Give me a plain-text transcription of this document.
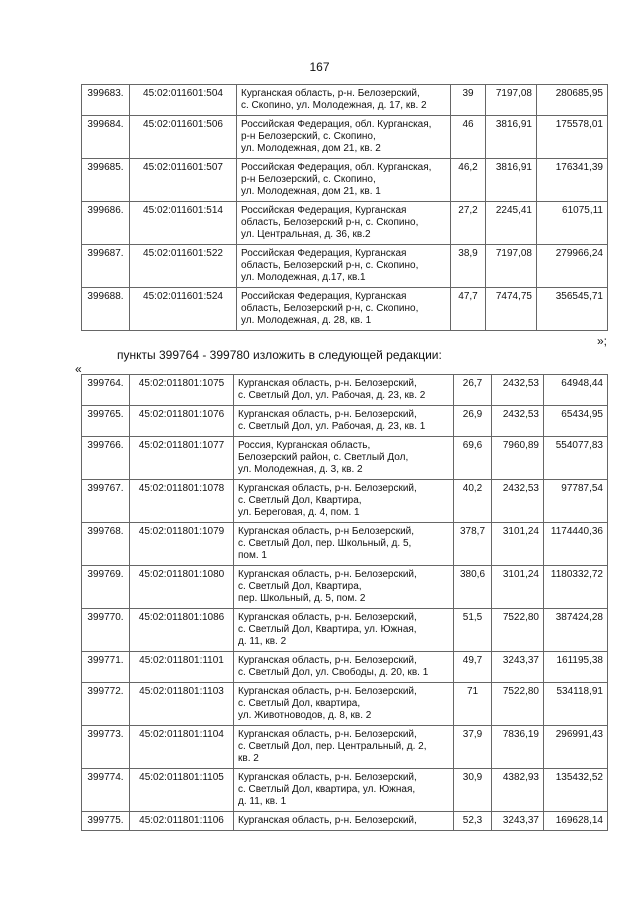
167
399683.	45:02:011601:504	Курганская область, р-н. Белозерский,
с. Скопино, ул. Молодежная, д. 17, кв. 2	39	7197,08	280685,95
399684.	45:02:011601:506	Российская Федерация, обл. Курганская,
р-н Белозерский, с. Скопино,
ул. Молодежная, дом 21, кв. 2	46	3816,91	175578,01
399685.	45:02:011601:507	Российская Федерация, обл. Курганская,
р-н Белозерский, с. Скопино,
ул. Молодежная, дом 21, кв. 1	46,2	3816,91	176341,39
399686.	45:02:011601:514	Российская Федерация, Курганская
область, Белозерский р-н, с. Скопино,
ул. Центральная, д. 36, кв.2	27,2	2245,41	61075,11
399687.	45:02:011601:522	Российская Федерация, Курганская
область, Белозерский р-н, с. Скопино,
ул. Молодежная, д.17, кв.1	38,9	7197,08	279966,24
399688.	45:02:011601:524	Российская Федерация, Курганская
область, Белозерский р-н, с. Скопино,
ул. Молодежная, д. 28, кв. 1	47,7	7474,75	356545,71
»;
пункты 399764 - 399780 изложить в следующей редакции:
«
399764.	45:02:011801:1075	Курганская область, р-н. Белозерский,
с. Светлый Дол, ул. Рабочая, д. 23, кв. 2	26,7	2432,53	64948,44
399765.	45:02:011801:1076	Курганская область, р-н. Белозерский,
с. Светлый Дол, ул. Рабочая, д. 23, кв. 1	26,9	2432,53	65434,95
399766.	45:02:011801:1077	Россия, Курганская область,
Белозерский район, с. Светлый Дол,
ул. Молодежная, д. 3, кв. 2	69,6	7960,89	554077,83
399767.	45:02:011801:1078	Курганская область, р-н. Белозерский,
с. Светлый Дол, Квартира,
ул. Береговая, д. 4, пом. 1	40,2	2432,53	97787,54
399768.	45:02:011801:1079	Курганская область, р-н Белозерский,
с. Светлый Дол, пер. Школьный, д. 5,
пом. 1	378,7	3101,24	1174440,36
399769.	45:02:011801:1080	Курганская область, р-н. Белозерский,
с. Светлый Дол, Квартира,
пер. Школьный, д. 5, пом. 2	380,6	3101,24	1180332,72
399770.	45:02:011801:1086	Курганская область, р-н. Белозерский,
с. Светлый Дол, Квартира, ул. Южная,
д. 11, кв. 2	51,5	7522,80	387424,28
399771.	45:02:011801:1101	Курганская область, р-н. Белозерский,
с. Светлый Дол, ул. Свободы, д. 20, кв. 1	49,7	3243,37	161195,38
399772.	45:02:011801:1103	Курганская область, р-н. Белозерский,
с. Светлый Дол, квартира,
ул. Животноводов, д. 8, кв. 2	71	7522,80	534118,91
399773.	45:02:011801:1104	Курганская область, р-н. Белозерский,
с. Светлый Дол, пер. Центральный, д. 2,
кв. 2	37,9	7836,19	296991,43
399774.	45:02:011801:1105	Курганская область, р-н. Белозерский,
с. Светлый Дол, квартира, ул. Южная,
д. 11, кв. 1	30,9	4382,93	135432,52
399775.	45:02:011801:1106	Курганская область, р-н. Белозерский,	52,3	3243,37	169628,14
